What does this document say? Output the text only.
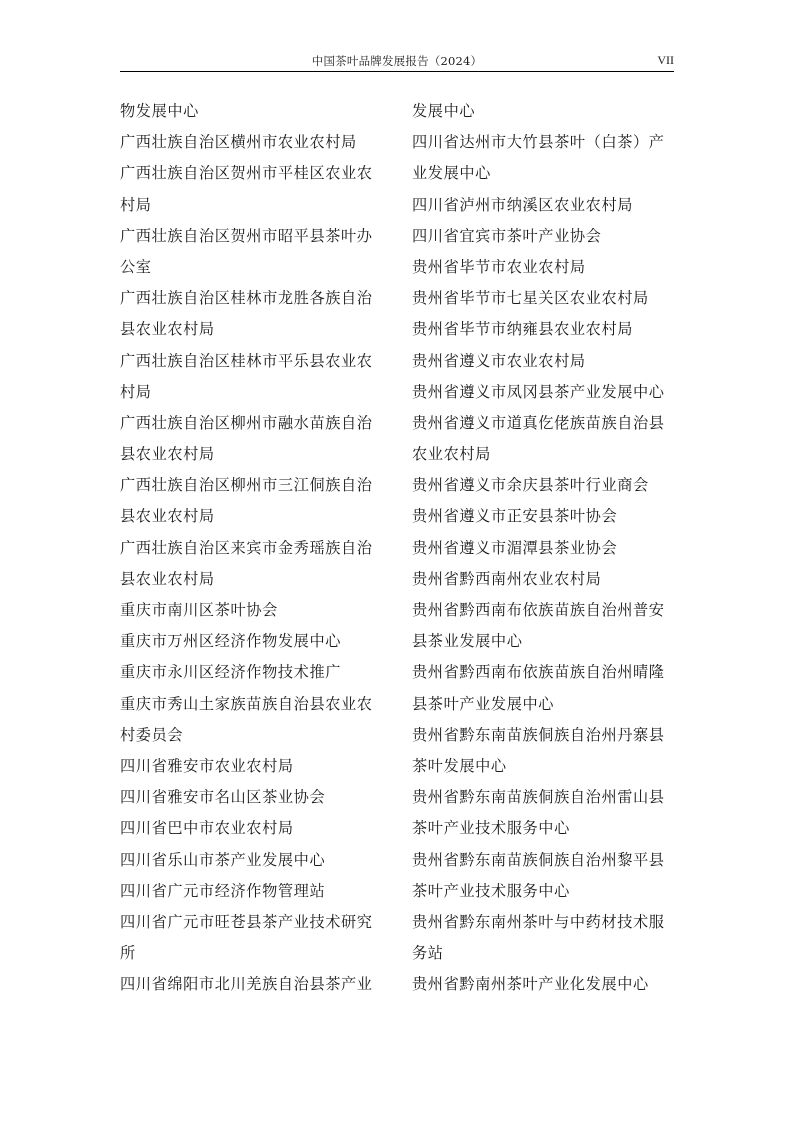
中国茶叶品牌发展报告（2024）	VII
物发展中心
广西壮族自治区横州市农业农村局
广西壮族自治区贺州市平桂区农业农
村局
广西壮族自治区贺州市昭平县茶叶办
公室
广西壮族自治区桂林市龙胜各族自治
县农业农村局
广西壮族自治区桂林市平乐县农业农
村局
广西壮族自治区柳州市融水苗族自治
县农业农村局
广西壮族自治区柳州市三江侗族自治
县农业农村局
广西壮族自治区来宾市金秀瑶族自治
县农业农村局
重庆市南川区茶叶协会
重庆市万州区经济作物发展中心
重庆市永川区经济作物技术推广
重庆市秀山土家族苗族自治县农业农
村委员会
四川省雅安市农业农村局
四川省雅安市名山区茶业协会
四川省巴中市农业农村局
四川省乐山市茶产业发展中心
四川省广元市经济作物管理站
四川省广元市旺苍县茶产业技术研究
所
四川省绵阳市北川羌族自治县茶产业
发展中心
四川省达州市大竹县茶叶（白茶）产
业发展中心
四川省泸州市纳溪区农业农村局
四川省宜宾市茶叶产业协会
贵州省毕节市农业农村局
贵州省毕节市七星关区农业农村局
贵州省毕节市纳雍县农业农村局
贵州省遵义市农业农村局
贵州省遵义市凤冈县茶产业发展中心
贵州省遵义市道真仡佬族苗族自治县
农业农村局
贵州省遵义市余庆县茶叶行业商会
贵州省遵义市正安县茶叶协会
贵州省遵义市湄潭县茶业协会
贵州省黔西南州农业农村局
贵州省黔西南布依族苗族自治州普安
县茶业发展中心
贵州省黔西南布依族苗族自治州晴隆
县茶叶产业发展中心
贵州省黔东南苗族侗族自治州丹寨县
茶叶发展中心
贵州省黔东南苗族侗族自治州雷山县
茶叶产业技术服务中心
贵州省黔东南苗族侗族自治州黎平县
茶叶产业技术服务中心
贵州省黔东南州茶叶与中药材技术服
务站
贵州省黔南州茶叶产业化发展中心
